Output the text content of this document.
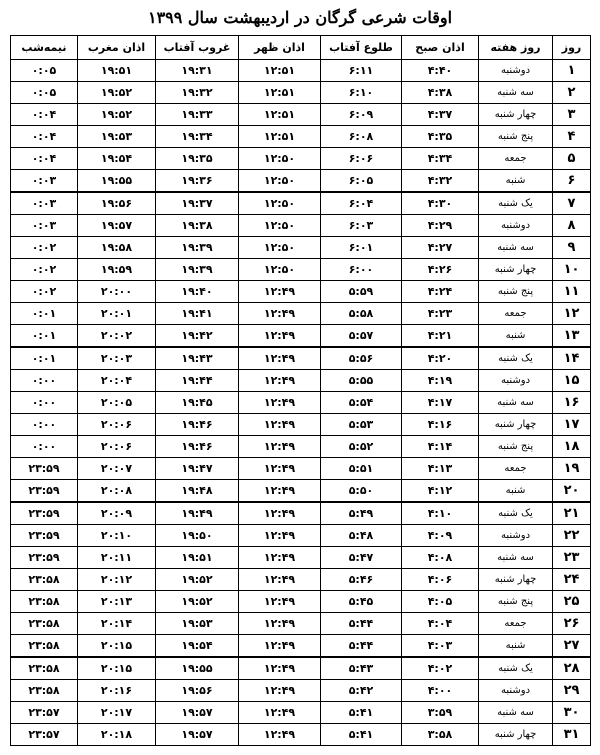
اوقات شرعی گرگان در اردیبهشت سال ۱۳۹۹
روز	روز هفته	اذان صبح	طلوع آفتاب	اذان ظهر	غروب آفتاب	اذان مغرب	نیمه‌شب
۱	دوشنبه	۴:۴۰	۶:۱۱	۱۲:۵۱	۱۹:۳۱	۱۹:۵۱	۰:۰۵
۲	سه شنبه	۴:۳۸	۶:۱۰	۱۲:۵۱	۱۹:۳۲	۱۹:۵۲	۰:۰۵
۳	چهار شنبه	۴:۳۷	۶:۰۹	۱۲:۵۱	۱۹:۳۳	۱۹:۵۲	۰:۰۴
۴	پنج شنبه	۴:۳۵	۶:۰۸	۱۲:۵۱	۱۹:۳۴	۱۹:۵۳	۰:۰۴
۵	جمعه	۴:۳۴	۶:۰۶	۱۲:۵۰	۱۹:۳۵	۱۹:۵۴	۰:۰۴
۶	شنبه	۴:۳۲	۶:۰۵	۱۲:۵۰	۱۹:۳۶	۱۹:۵۵	۰:۰۳
۷	یک شنبه	۴:۳۰	۶:۰۴	۱۲:۵۰	۱۹:۳۷	۱۹:۵۶	۰:۰۳
۸	دوشنبه	۴:۲۹	۶:۰۳	۱۲:۵۰	۱۹:۳۸	۱۹:۵۷	۰:۰۳
۹	سه شنبه	۴:۲۷	۶:۰۱	۱۲:۵۰	۱۹:۳۹	۱۹:۵۸	۰:۰۲
۱۰	چهار شنبه	۴:۲۶	۶:۰۰	۱۲:۵۰	۱۹:۳۹	۱۹:۵۹	۰:۰۲
۱۱	پنج شنبه	۴:۲۴	۵:۵۹	۱۲:۴۹	۱۹:۴۰	۲۰:۰۰	۰:۰۲
۱۲	جمعه	۴:۲۳	۵:۵۸	۱۲:۴۹	۱۹:۴۱	۲۰:۰۱	۰:۰۱
۱۳	شنبه	۴:۲۱	۵:۵۷	۱۲:۴۹	۱۹:۴۲	۲۰:۰۲	۰:۰۱
۱۴	یک شنبه	۴:۲۰	۵:۵۶	۱۲:۴۹	۱۹:۴۳	۲۰:۰۳	۰:۰۱
۱۵	دوشنبه	۴:۱۹	۵:۵۵	۱۲:۴۹	۱۹:۴۴	۲۰:۰۴	۰:۰۰
۱۶	سه شنبه	۴:۱۷	۵:۵۴	۱۲:۴۹	۱۹:۴۵	۲۰:۰۵	۰:۰۰
۱۷	چهار شنبه	۴:۱۶	۵:۵۳	۱۲:۴۹	۱۹:۴۶	۲۰:۰۶	۰:۰۰
۱۸	پنج شنبه	۴:۱۴	۵:۵۲	۱۲:۴۹	۱۹:۴۶	۲۰:۰۶	۰:۰۰
۱۹	جمعه	۴:۱۳	۵:۵۱	۱۲:۴۹	۱۹:۴۷	۲۰:۰۷	۲۳:۵۹
۲۰	شنبه	۴:۱۲	۵:۵۰	۱۲:۴۹	۱۹:۴۸	۲۰:۰۸	۲۳:۵۹
۲۱	یک شنبه	۴:۱۰	۵:۴۹	۱۲:۴۹	۱۹:۴۹	۲۰:۰۹	۲۳:۵۹
۲۲	دوشنبه	۴:۰۹	۵:۴۸	۱۲:۴۹	۱۹:۵۰	۲۰:۱۰	۲۳:۵۹
۲۳	سه شنبه	۴:۰۸	۵:۴۷	۱۲:۴۹	۱۹:۵۱	۲۰:۱۱	۲۳:۵۹
۲۴	چهار شنبه	۴:۰۶	۵:۴۶	۱۲:۴۹	۱۹:۵۲	۲۰:۱۲	۲۳:۵۸
۲۵	پنج شنبه	۴:۰۵	۵:۴۵	۱۲:۴۹	۱۹:۵۲	۲۰:۱۳	۲۳:۵۸
۲۶	جمعه	۴:۰۴	۵:۴۴	۱۲:۴۹	۱۹:۵۳	۲۰:۱۴	۲۳:۵۸
۲۷	شنبه	۴:۰۳	۵:۴۴	۱۲:۴۹	۱۹:۵۴	۲۰:۱۵	۲۳:۵۸
۲۸	یک شنبه	۴:۰۲	۵:۴۳	۱۲:۴۹	۱۹:۵۵	۲۰:۱۵	۲۳:۵۸
۲۹	دوشنبه	۴:۰۰	۵:۴۲	۱۲:۴۹	۱۹:۵۶	۲۰:۱۶	۲۳:۵۸
۳۰	سه شنبه	۳:۵۹	۵:۴۱	۱۲:۴۹	۱۹:۵۷	۲۰:۱۷	۲۳:۵۷
۳۱	چهار شنبه	۳:۵۸	۵:۴۱	۱۲:۴۹	۱۹:۵۷	۲۰:۱۸	۲۳:۵۷
